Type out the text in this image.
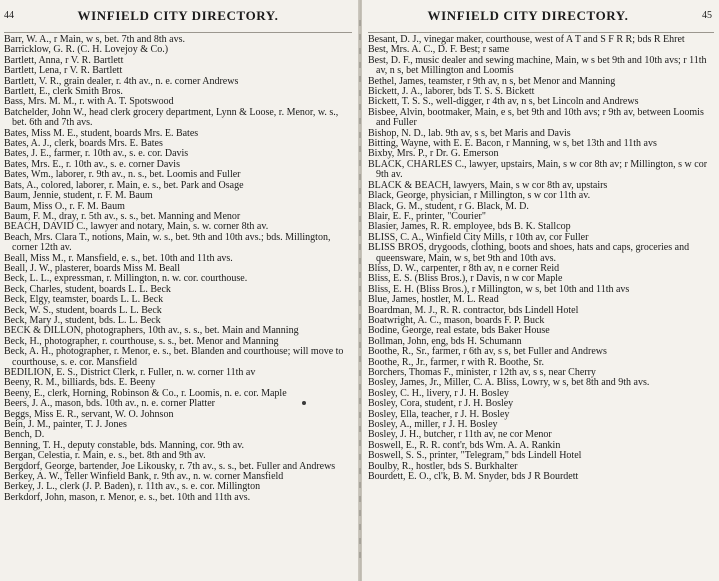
44	WINFIELD CITY DIRECTORY.
Barr, W. A., r Main, w s, bet. 7th and 8th avs.
Barricklow, G. R. (C. H. Lovejoy & Co.)
Bartlett, Anna, r V. R. Bartlett
Bartlett, Lena, r V. R. Bartlett
Bartlett, V. R., grain dealer, r. 4th av., n. e. corner Andrews
Bartlett, E., clerk Smith Bros.
Bass, Mrs. M. M., r. with A. T. Spotswood
Batchelder, John W., head clerk grocery department, Lynn & Loose, r. Menor, w. s., bet. 6th and 7th avs.
Bates, Miss M. E., student, boards Mrs. E. Bates
Bates, A. J., clerk, boards Mrs. E. Bates
Bates, J. E., farmer, r. 10th av., s. e. cor. Davis
Bates, Mrs. E., r. 10th av., s. e. corner Davis
Bates, Wm., laborer, r. 9th av., n. s., bet. Loomis and Fuller
Bats, A., colored, laborer, r. Main, e. s., bet. Park and Osage
Baum, Jennie, student, r. F. M. Baum
Baum, Miss O., r. F. M. Baum
Baum, F. M., dray, r. 5th av., s. s., bet. Manning and Menor
BEACH, DAVID C., lawyer and notary, Main, s. w. corner 8th av.
Beach, Mrs. Clara T., notions, Main, w. s., bet. 9th and 10th avs.; bds. Millington, corner 12th av.
Beall, Miss M., r. Mansfield, e. s., bet. 10th and 11th avs.
Beall, J. W., plasterer, boards Miss M. Beall
Beck, L. L., expressman, r. Millington, n. w. cor. courthouse.
Beck, Charles, student, boards L. L. Beck
Beck, Elgy, teamster, boards L. L. Beck
Beck, W. S., student, boards L. L. Beck
Beck, Mary J., student, bds. L. L. Beck
BECK & DILLON, photographers, 10th av., s. s., bet. Main and Manning
Beck, H., photographer, r. courthouse, s. s., bet. Menor and Manning
Beck, A. H., photographer, r. Menor, e. s., bet. Blanden and courthouse; will move to courthouse, s. e. cor. Mansfield
BEDILION, E. S., District Clerk, r. Fuller, n. w. corner 11th av
Beeny, R. M., billiards, bds. E. Beeny
Beeny, E., clerk, Horning, Robinson & Co., r. Loomis, n. e. cor. Maple
Beers, J. A., mason, bds. 10th av., n. e. corner Platter
Beggs, Miss E. R., servant, W. O. Johnson
Bein, J. M., painter, T. J. Jones
Bench, D.
Benning, T. H., deputy constable, bds. Manning, cor. 9th av.
Bergan, Celestia, r. Main, e. s., bet. 8th and 9th av.
Bergdorf, George, bartender, Joe Likousky, r. 7th av., s. s., bet. Fuller and Andrews
Berkey, A. W., Teller Winfield Bank, r. 9th av., n. w. corner Mansfield
Berkey, J. L., clerk (J. P. Baden), r. 11th av., s. e. cor. Millington
Berkdorf, John, mason, r. Menor, e. s., bet. 10th and 11th avs.
WINFIELD CITY DIRECTORY.	45
Besant, D. J., vinegar maker, courthouse, west of A T and S F R R; bds R Ehret
Best, Mrs. A. C., D. F. Best; r same
Best, D. F., music dealer and sewing machine, Main, w s bet 9th and 10th avs; r 11th av, n s, bet Millington and Loomis
Bethel, James, teamster, r 9th av, n s, bet Menor and Manning
Bickett, J. A., laborer, bds T. S. S. Bickett
Bickett, T. S. S., well-digger, r 4th av, n s, bet Lincoln and Andrews
Bisbee, Alvin, bootmaker, Main, e s, bet 9th and 10th avs; r 9th av, between Loomis and Fuller
Bishop, N. D., lab. 9th av, s s, bet Maris and Davis
Bitting, Wayne, with E. E. Bacon, r Manning, w s, bet 13th and 11th avs
Bixby, Mrs. P., r Dr. G. Emerson
BLACK, CHARLES C., lawyer, upstairs, Main, s w cor 8th av; r Millington, s w cor 9th av.
BLACK & BEACH, lawyers, Main, s w cor 8th av, upstairs
Black, George, physician, r Millington, s w cor 11th av.
Black, G. M., student, r G. Black, M. D.
Blair, E. F., printer, "Courier"
Blasier, James, R. R. employee, bds B. K. Stallcop
BLISS, C. A., Winfield City Mills, r 10th av, cor Fuller
BLISS BROS, drygoods, clothing, boots and shoes, hats and caps, groceries and queensware, Main, w s, bet 9th and 10th avs.
Bliss, D. W., carpenter, r 8th av, n e corner Reid
Bliss, E. S. (Bliss Bros.), r Davis, n w cor Maple
Bliss, E. H. (Bliss Bros.), r Millington, w s, bet 10th and 11th avs
Blue, James, hostler, M. L. Read
Boardman, M. J., R. R. contractor, bds Lindell Hotel
Boatwright, A. C., mason, boards F. P. Buck
Bodine, George, real estate, bds Baker House
Bollman, John, eng, bds H. Schumann
Boothe, R., Sr., farmer, r 6th av, s s, bet Fuller and Andrews
Boothe, R., Jr., farmer, r with R. Boothe, Sr.
Borchers, Thomas F., minister, r 12th av, s s, near Cherry
Bosley, James, Jr., Miller, C. A. Bliss, Lowry, w s, bet 8th and 9th avs.
Bosley, C. H., livery, r J. H. Bosley
Bosley, Cora, student, r J. H. Bosley
Bosley, Ella, teacher, r J. H. Bosley
Bosley, A., miller, r J. H. Bosley
Bosley, J. H., butcher, r 11th av, ne cor Menor
Boswell, E., R. R. cont'r, bds Wm. A. A. Rankin
Boswell, S. S., printer, "Telegram," bds Lindell Hotel
Boulby, R., hostler, bds S. Burkhalter
Bourdett, E. O., cl'k, B. M. Snyder, bds J R Bourdett
